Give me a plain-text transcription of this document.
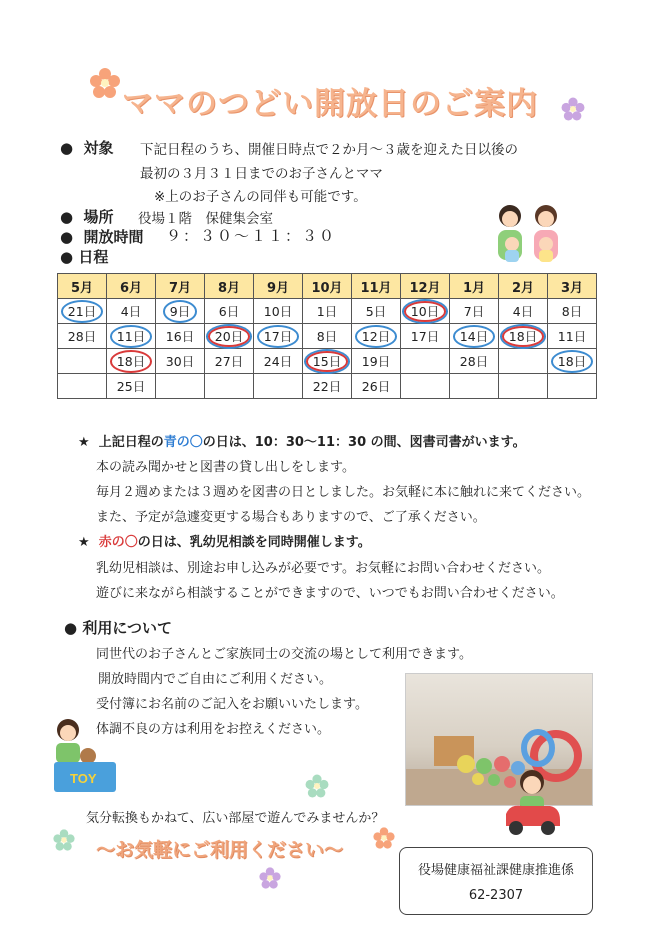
ママのつどい開放日のご案内
●  対象 下記日程のうち、開催日時点で２か月～３歳を迎えた日以後の
最初の３月３１日までのお子さんとママ
※上のお子さんの同伴も可能です。
●  場所 役場１階　保健集会室
●  開放時間 ９：３０～１１：３０
● 日程
5月	6月	7月	8月	9月	10月	11月	12月	1月	2月	3月
21日	4日	9日	6日	10日	1日	5日	10日	7日	4日	8日
28日	11日	16日	20日	17日	8日	12日	17日	14日	18日	11日
	18日	30日	27日	24日	15日	19日		28日		18日
	25日				22日	26日				
★ 上記日程の青の〇の日は、10：30～11：30 の間、図書司書がいます。
本の読み聞かせと図書の貸し出しをします。
毎月２週めまたは３週めを図書の日としました。お気軽に本に触れに来てください。
また、予定が急遽変更する場合もありますので、ご了承ください。
★ 赤の〇の日は、乳幼児相談を同時開催します。
乳幼児相談は、別途お申し込みが必要です。お気軽にお問い合わせください。
遊びに来ながら相談することができますので、いつでもお問い合わせください。
● 利用について
同世代のお子さんとご家族同士の交流の場として利用できます。
開放時間内でご自由にご利用ください。
受付簿にお名前のご記入をお願いいたします。
体調不良の方は利用をお控えください。
TOY
気分転換もかねて、広い部屋で遊んでみませんか？
～お気軽にご利用ください～
役場健康福祉課健康推進係
62-2307
